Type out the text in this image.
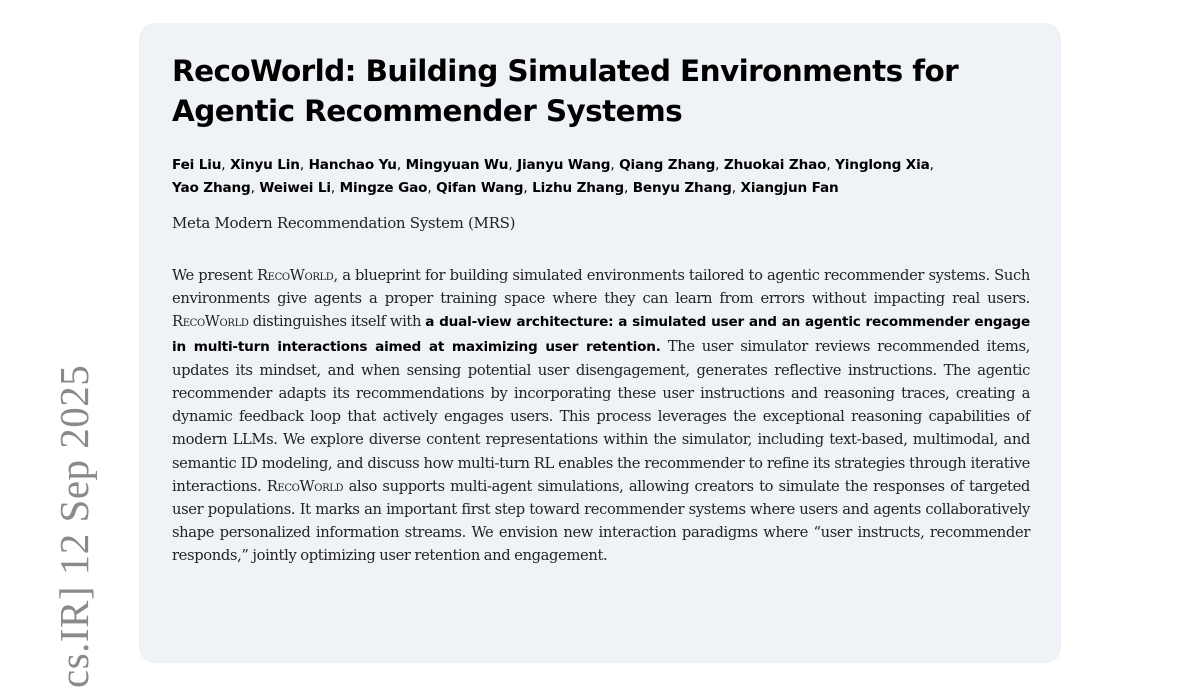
cs.IR] 12 Sep 2025
RecoWorld: Building Simulated Environments for Agentic Recommender Systems

Fei Liu, Xinyu Lin, Hanchao Yu, Mingyuan Wu, Jianyu Wang, Qiang Zhang, Zhuokai Zhao, Yinglong Xia,
Yao Zhang, Weiwei Li, Mingze Gao, Qifan Wang, Lizhu Zhang, Benyu Zhang, Xiangjun Fan

Meta Modern Recommendation System (MRS)

We present RecoWorld, a blueprint for building simulated environments tailored to agentic recommender systems. Such environments give agents a proper training space where they can learn from errors without impacting real users. RecoWorld distinguishes itself with a dual-view architecture: a simulated user and an agentic recommender engage in multi-turn interactions aimed at maximizing user retention. The user simulator reviews recommended items, updates its mindset, and when sensing potential user disengagement, generates reflective instructions. The agentic recommender adapts its recommendations by incorporating these user instructions and reasoning traces, creating a dynamic feedback loop that actively engages users. This process leverages the exceptional reasoning capabilities of modern LLMs. We explore diverse content representations within the simulator, including text-based, multimodal, and semantic ID modeling, and discuss how multi-turn RL enables the recommender to refine its strategies through iterative interactions. RecoWorld also supports multi-agent simulations, allowing creators to simulate the responses of targeted user populations. It marks an important first step toward recommender systems where users and agents collaboratively shape personalized information streams. We envision new interaction paradigms where “user instructs, recommender responds,” jointly optimizing user retention and engagement.
